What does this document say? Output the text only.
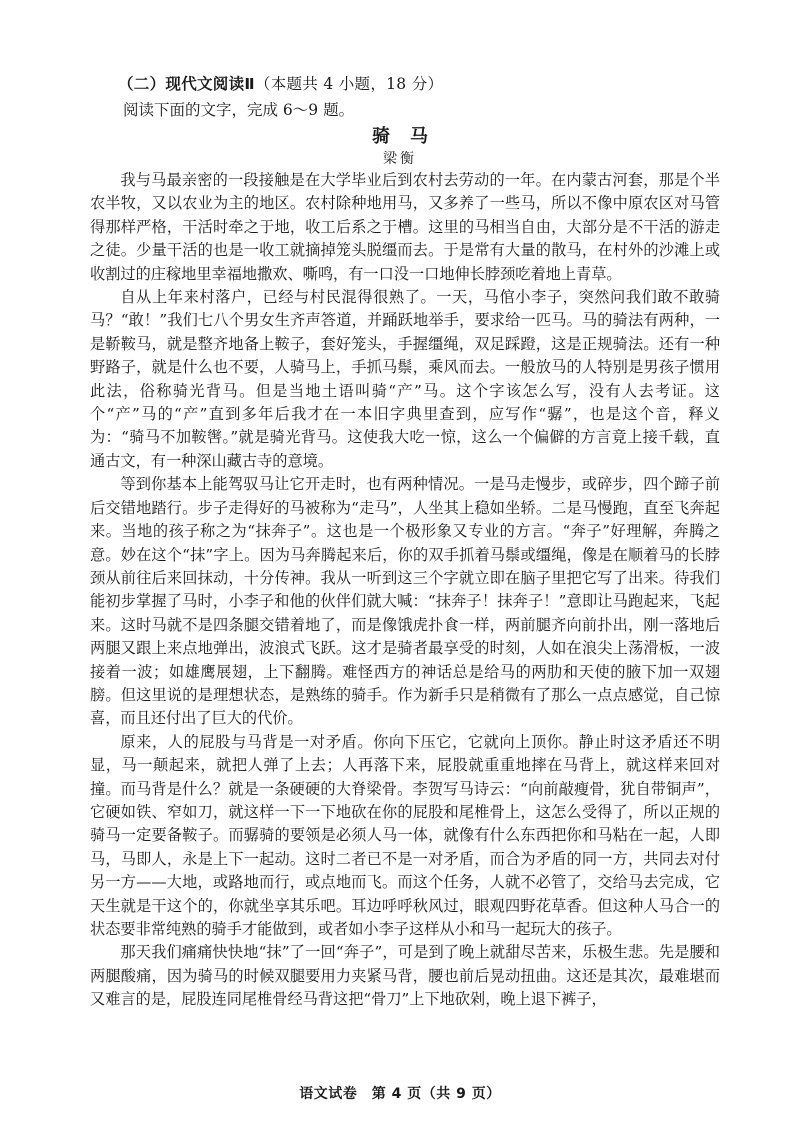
（二）现代文阅读Ⅱ（本题共 4 小题，18 分）
阅读下面的文字，完成 6～9 题。
骑马
梁衡

我与马最亲密的一段接触是在大学毕业后到农村去劳动的一年。在内蒙古河套，那是个半农半牧，又以农业为主的地区。农村除种地用马，又多养了一些马，所以不像中原农区对马管得那样严格，干活时牵之于地，收工后系之于槽。这里的马相当自由，大部分是不干活的游走之徒。少量干活的也是一收工就摘掉笼头脱缰而去。于是常有大量的散马，在村外的沙滩上或收割过的庄稼地里幸福地撒欢、嘶鸣，有一口没一口地伸长脖颈吃着地上青草。

自从上年来村落户，已经与村民混得很熟了。一天，马倌小李子，突然问我们敢不敢骑马？“敢！”我们七八个男女生齐声答道，并踊跃地举手，要求给一匹马。马的骑法有两种，一是鞒鞍马，就是整齐地备上鞍子，套好笼头，手握缰绳，双足踩蹬，这是正规骑法。还有一种野路子，就是什么也不要，人骑马上，手抓马鬃，乘风而去。一般放马的人特别是男孩子惯用此法，俗称骑光背马。但是当地土语叫骑“产”马。这个字该怎么写，没有人去考证。这个“产”马的“产”直到多年后我才在一本旧字典里查到，应写作“骣”，也是这个音，释义为：“骑马不加鞍辔。”就是骑光背马。这使我大吃一惊，这么一个偏僻的方言竟上接千载，直通古文，有一种深山藏古寺的意境。

等到你基本上能驾驭马让它开走时，也有两种情况。一是马走慢步，或碎步，四个蹄子前后交错地踏行。步子走得好的马被称为“走马”，人坐其上稳如坐轿。二是马慢跑，直至飞奔起来。当地的孩子称之为“抹奔子”。这也是一个极形象又专业的方言。“奔子”好理解，奔腾之意。妙在这个“抹”字上。因为马奔腾起来后，你的双手抓着马鬃或缰绳，像是在顺着马的长脖颈从前往后来回抹动，十分传神。我从一听到这三个字就立即在脑子里把它写了出来。待我们能初步掌握了马时，小李子和他的伙伴们就大喊：“抹奔子！抹奔子！”意即让马跑起来，飞起来。这时马就不是四条腿交错着地了，而是像饿虎扑食一样，两前腿齐向前扑出，刚一落地后两腿又跟上来点地弹出，波浪式飞跃。这才是骑者最享受的时刻，人如在浪尖上荡滑板，一波接着一波；如雄鹰展翅，上下翻腾。难怪西方的神话总是给马的两肋和天使的腋下加一双翅膀。但这里说的是理想状态，是熟练的骑手。作为新手只是稍微有了那么一点点感觉，自己惊喜，而且还付出了巨大的代价。

原来，人的屁股与马背是一对矛盾。你向下压它，它就向上顶你。静止时这矛盾还不明显，马一颠起来，就把人弹了上去；人再落下来，屁股就重重地摔在马背上，就这样来回对撞。而马背是什么？就是一条硬硬的大脊梁骨。李贺写马诗云：“向前敲瘦骨，犹自带铜声”，它硬如铁、窄如刀，就这样一下一下地砍在你的屁股和尾椎骨上，这怎么受得了，所以正规的骑马一定要备鞍子。而骣骑的要领是必须人马一体，就像有什么东西把你和马粘在一起，人即马，马即人，永是上下一起动。这时二者已不是一对矛盾，而合为矛盾的同一方，共同去对付另一方——大地，或路地而行，或点地而飞。而这个任务，人就不必管了，交给马去完成，它天生就是干这个的，你就坐享其乐吧。耳边呼呼秋风过，眼观四野花草香。但这种人马合一的状态要非常纯熟的骑手才能做到，或者如小李子这样从小和马一起玩大的孩子。

那天我们痛痛快快地“抹”了一回“奔子”，可是到了晚上就甜尽苦来，乐极生悲。先是腰和两腿酸痛，因为骑马的时候双腿要用力夹紧马背，腰也前后晃动扭曲。这还是其次，最难堪而又难言的是，屁股连同尾椎骨经马背这把“骨刀”上下地砍剁，晚上退下裤子，

语文试卷　第 4 页（共 9 页）
